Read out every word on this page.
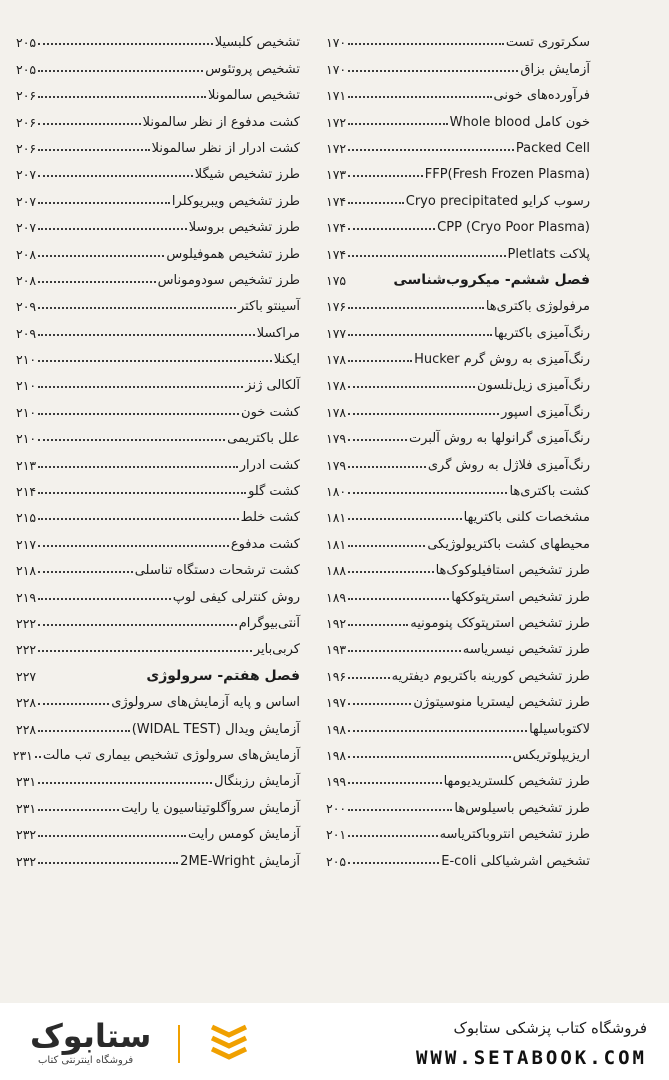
سکرتوری تست
۱۷۰
آزمایش بزاق
۱۷۰
فرآورده‌های خونی
۱۷۱
خون کامل Whole blood
۱۷۲
Packed Cell
۱۷۲
FFP(Fresh Frozen Plasma)
۱۷۳
رسوب کرایو Cryo precipitated
۱۷۴
CPP (Cryo Poor Plasma)
۱۷۴
پلاکت Pletlats
۱۷۴
فصل ششم- میکروب‌شناسی
۱۷۵
مرفولوژی باکتری‌ها
۱۷۶
رنگ‌آمیزی باکتریها
۱۷۷
رنگ‌آمیزی به روش گرم Hucker
۱۷۸
رنگ‌آمیزی زیل‌نلسون
۱۷۸
رنگ‌آمیزی اسپور
۱۷۸
رنگ‌آمیزی گرانولها به روش آلبرت
۱۷۹
رنگ‌آمیزی فلاژل به روش گری
۱۷۹
کشت باکتری‌ها
۱۸۰
مشخصات کلنی باکتریها
۱۸۱
محیطهای کشت باکتریولوژیکی
۱۸۱
طرز تشخیص استافیلوکوک‌ها
۱۸۸
طرز تشخیص استرپتوککها
۱۸۹
طرز تشخیص استرپتوکک پنومونیه
۱۹۲
طرز تشخیص نیسریاسه
۱۹۳
طرز تشخیص کورینه باکتریوم دیفتریه
۱۹۶
طرز تشخیص لیستریا منوسیتوژن
۱۹۷
لاکتوباسیلها
۱۹۸
اریزیپلوتریکس
۱۹۸
طرز تشخیص کلستریدیومها
۱۹۹
طرز تشخیص باسیلوس‌ها
۲۰۰
طرز تشخیص انتروباکتریاسه
۲۰۱
تشخیص اشرشیاکلی E-coli
۲۰۵
تشخیص کلبسیلا
۲۰۵
تشخیص پروتئوس
۲۰۵
تشخیص سالمونلا
۲۰۶
کشت مدفوع از نظر سالمونلا
۲۰۶
کشت ادرار از نظر سالمونلا
۲۰۶
طرز تشخیص شیگلا
۲۰۷
طرز تشخیص ویبریوکلرا
۲۰۷
طرز تشخیص بروسلا
۲۰۷
طرز تشخیص هموفیلوس
۲۰۸
طرز تشخیص سودوموناس
۲۰۸
آسینتو باکتر
۲۰۹
مراکسلا
۲۰۹
ایکنلا
۲۱۰
آلکالی ژنز
۲۱۰
کشت خون
۲۱۰
علل باکتریمی
۲۱۰
کشت ادرار
۲۱۳
کشت گلو
۲۱۴
کشت خلط
۲۱۵
کشت مدفوع
۲۱۷
کشت ترشحات دستگاه تناسلی
۲۱۸
روش کنترلی کیفی لوپ
۲۱۹
آنتی‌بیوگرام
۲۲۲
کربی‌بایر
۲۲۲
فصل هفتم- سرولوژی
۲۲۷
اساس و پایه آزمایش‌های سرولوژی
۲۲۸
آزمایش ویدال (WIDAL TEST)
۲۲۸
آزمایش‌های سرولوژی تشخیص بیماری تب مالت
۲۳۱
آزمایش رزبنگال
۲۳۱
آزمایش سروآگلوتیناسیون یا رایت
۲۳۱
آزمایش کومس رایت
۲۳۲
آزمایش 2ME-Wright
۲۳۲
فروشگاه کتاب پزشکی ستابوک
WWW.SETABOOK.COM
ستابوک
فروشگاه اینترنتی کتاب
